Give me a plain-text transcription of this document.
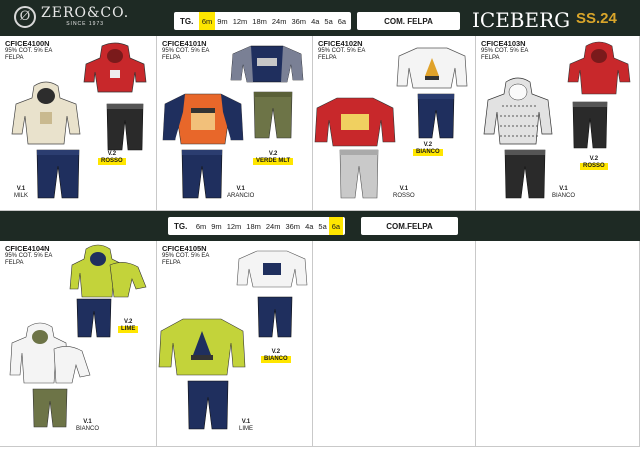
Ø ZERO&CO.
SINCE 1973	TG.	6m 9m 12m 18m 24m 36m 4a 5a 6a	COM. FELPA	ICEBERG SS.24
TG.	6m 9m 12m 18m 24m 36m 4a 5a 6a	COM.FELPA
CFICE4100N
95% COT. 5% EA
FELPA
V.2
ROSSO
V.1
MILK
CFICE4101N
95% COT. 5% EA
FELPA
V.2
VERDE MLT
V.1
ARANCIO
CFICE4102N
95% COT. 5% EA
FELPA
V.2
BIANCO
V.1
ROSSO
CFICE4103N
95% COT. 5% EA
FELPA
V.2
ROSSO
V.1
BIANCO
CFICE4104N
95% COT. 5% EA
FELPA
V.2
LIME
V.1
BIANCO
CFICE4105N
95% COT. 5% EA
FELPA
V.2
BIANCO
V.1
LIME
